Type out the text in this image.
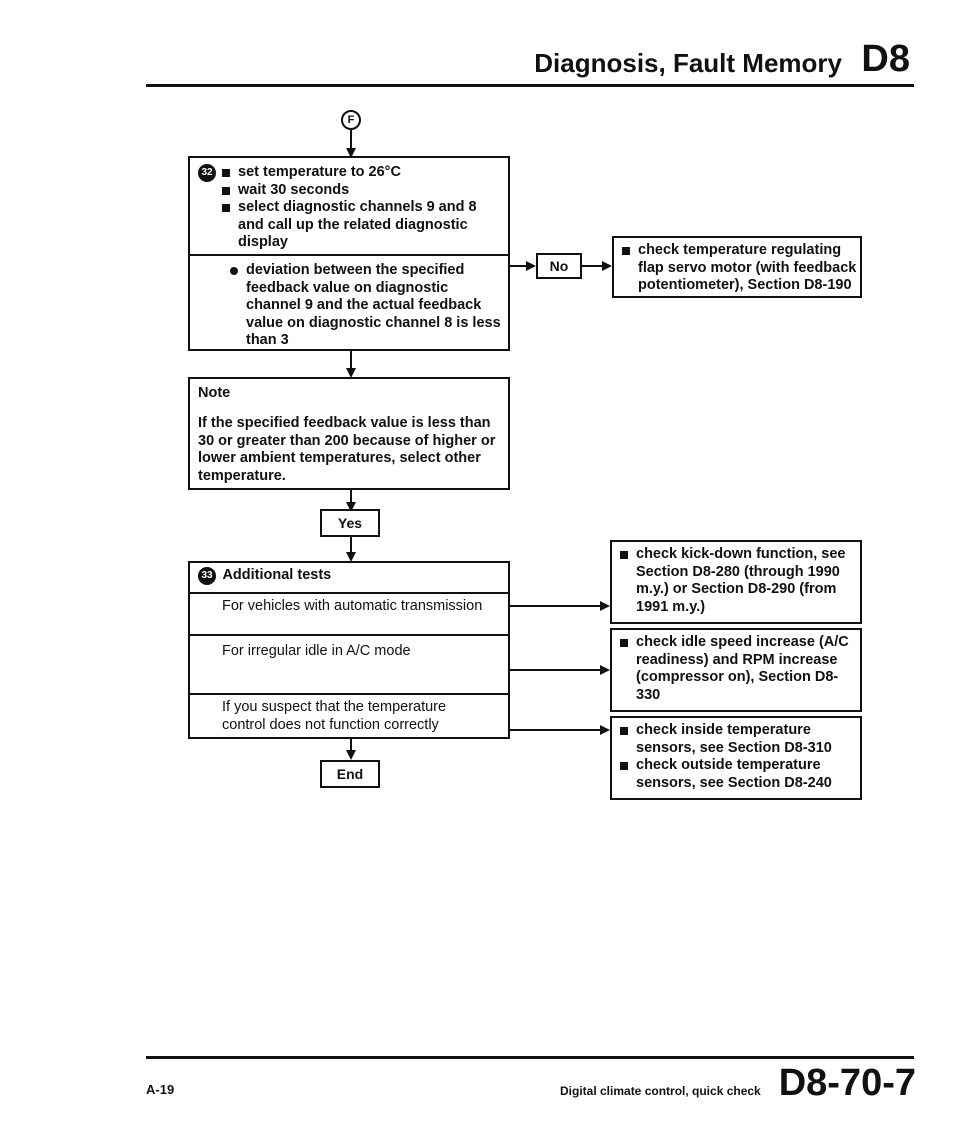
Diagnosis, Fault Memory D8
F
32	set temperature to 26°C
wait 30 seconds
select diagnostic channels 9 and 8 and call up the related diagnostic display
deviation between the specified feedback value on diagnostic channel 9 and the actual feedback value on diagnostic channel 8 is less than 3
No
check temperature regulating flap servo motor (with feedback potentiometer), Section D8-190
Note
If the specified feedback value is less than 30 or greater than 200 because of higher or lower ambient temperatures, select other temperature.
Yes
33 Additional tests
For vehicles with automatic transmission
For irregular idle in A/C mode
If you suspect that the temperature control does not function correctly
check kick-down function, see Section D8-280 (through 1990 m.y.) or Section D8-290 (from 1991 m.y.)
check idle speed increase (A/C readiness) and RPM increase (compressor on), Section D8-330
check inside temperature sensors, see Section D8-310
check outside temperature sensors, see Section D8-240
End
A-19	Digital climate control, quick check D8-70-7
